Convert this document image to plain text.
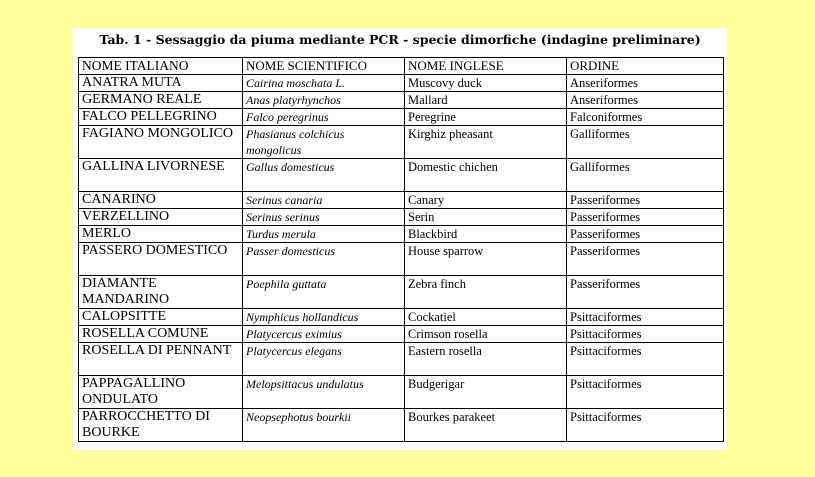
Tab. 1 - Sessaggio da piuma mediante PCR - specie dimorfiche (indagine preliminare)
NOME ITALIANO	NOME SCIENTIFICO	NOME INGLESE	ORDINE
ANATRA MUTA	Cairina moschata L.	Muscovy duck	Anseriformes
GERMANO REALE	Anas platyrhynchos	Mallard	Anseriformes
FALCO PELLEGRINO	Falco peregrinus	Peregrine	Falconiformes
FAGIANO MONGOLICO	Phasianus colchicus mongolicus	Kirghiz pheasant	Galliformes
GALLINA LIVORNESE	Gallus domesticus	Domestic chichen	Galliformes
CANARINO	Serinus canaria	Canary	Passeriformes
VERZELLINO	Serinus serinus	Serin	Passeriformes
MERLO	Turdus merula	Blackbird	Passeriformes
PASSERO DOMESTICO	Passer domesticus	House sparrow	Passeriformes
DIAMANTE MANDARINO	Poephila guttata	Zebra finch	Passeriformes
CALOPSITTE	Nymphicus hollandicus	Cockatiel	Psittaciformes
ROSELLA COMUNE	Platycercus eximius	Crimson rosella	Psittaciformes
ROSELLA DI PENNANT	Platycercus elegans	Eastern rosella	Psittaciformes
PAPPAGALLINO ONDULATO	Melopsittacus undulatus	Budgerigar	Psittaciformes
PARROCCHETTO DI BOURKE	Neopsephotus bourkii	Bourkes parakeet	Psittaciformes
